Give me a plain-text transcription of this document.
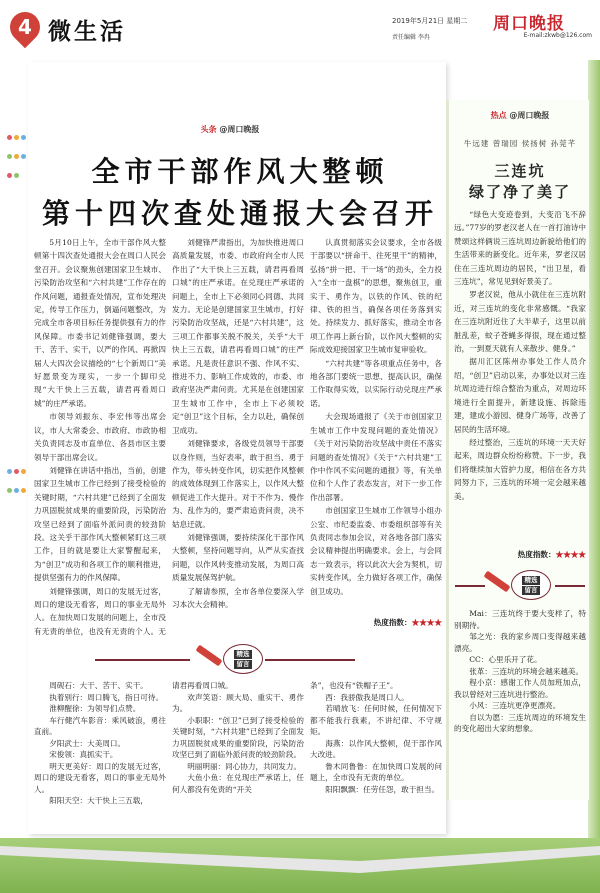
4 微生活	2019年5月21日 星期二	周口晚报
责任编辑 李冉	E-mail:zkwb@126.com
头条 @周口晚报
全市干部作风大整顿
第十四次查处通报大会召开

5月10日上午，全市干部作风大整顿第十四次查处通报大会在周口人民会堂召开。会议聚焦创建国家卫生城市、污染防治攻坚和“六村共建”工作存在的作风问题，通报查处情况，宣布处理决定，传导工作压力，倒逼问题整改，为完成全市各项目标任务提供强有力的作风保障。市委书记刘健锋强调，要大干、苦干、实干，以严的作风、再掀四届人大四次会议描绘的“七个新周口”美好愿景变为现实，一步一个脚印兑现“大干快上三五载，请君再看周口城”的庄严承诺。

市领导刘振东、李宏伟等出席会议，市人大常委会、市政府、市政协相关负责同志及市直单位、各县市区主要领导干部出席会议。

刘健锋在讲话中指出，当前，创建国家卫生城市工作已经到了接受检验的关键时期，“六村共建”已经到了全面发力巩固脱贫成果的重要阶段，污染防治攻坚已经到了面临外派问责的较劲阶段。这关乎干部作风大整顿紧盯这三项工作，目的就是要让大家警醒起来，为“创卫”成功和各项工作的顺利推进，提供坚强有力的作风保障。

刘健锋强调，周口的发展无过客，周口的建设无看客，周口的事业无局外人。在加快周口发展的问题上，全市没有无责的单位，也没有无责的个人。无

刘健锋严肃指出，为加快推进周口高质量发展，市委、市政府向全市人民作出了“大干快上三五载，请君再看周口城”的庄严承诺。在兑现庄严承诺的问题上，全市上下必须同心同德、共同发力。无论是创建国家卫生城市，打好污染防治攻坚战，还是“六村共建”，这三项工作都事关脱不脱关，关乎“大干快上三五载，请君再看周口城”的庄严承诺。凡是责任意识不强、作风不实、推进不力、影响工作成效的，市委、市政府坚决严肃问责。尤其是在创建国家卫生城市工作中，全市上下必须咬定“创卫”这个目标，全力以赴，确保创卫成功。

刘健锋要求，各级党员领导干部要以身作则，当好表率，敢于担当、勇于作为，带头转变作风，切实把作风整顿的成效体现到工作落实上，以作风大整顿促进工作大提升。对于不作为、慢作为、乱作为的，要严肃追责问责，决不姑息迁就。

刘健锋强调，要持续深化干部作风大整顿，坚持问题导向，从严从实查找问题，以作风转变推动发展，为周口高质量发展保驾护航。

了解请参照，全市各单位要深入学习本次大会精神。

认真贯彻落实会议要求，全市各级干部要以“拼命干、往死里干”的精神，弘扬“拼一把、干一场”的劲头，全力投入“全市一盘棋”的思想，聚焦创卫，重实干、勇作为，以铁的作风、铁的纪律、铁的担当，确保各项任务落到实处。持续发力、抓好落实，推动全市各项工作再上新台阶，以作风大整顿的实际成效迎接国家卫生城市复审验收。

“六村共建”等各项重点任务中，各地各部门要统一思想、提高认识，确保工作取得实效，以实际行动兑现庄严承诺。

大会现场通报了《关于市创国家卫生城市工作中发现问题的查处情况》《关于对污染防治攻坚战中责任不落实问题的查处情况》《关于“六村共建”工作中作风不实问题的通报》等，有关单位和个人作了表态发言，对下一步工作作出部署。

市创国家卫生城市工作领导小组办公室、市纪委监委、市委组织部等有关负责同志参加会议，对各地各部门落实会议精神提出明确要求。会上，与会同志一致表示，将以此次大会为契机，切实转变作风，全力做好各项工作，确保创卫成功。

热度指数：★★★★
精选
留言

周砚石：大干、苦干、实干。

执着别行：周口腾飞，指日可待。

淮柳醒徐：为领导们点赞。

车行健汽车影音：乘风破浪，勇往直前。

夕阳武士：大美周口。

宋俊领：真抓实干。

明天更美好：周口的发展无过客，周口的建设无看客，周口的事业无局外人。

阳阳天空：大干快上三五载，

请君再看周口城。

欢声笑语：顾大局、重实干、勇作为。

小职职：“创卫”已到了接受检验的关键时刻，“六村共建”已经到了全面发力巩固脱贫成果的重要阶段，污染防治攻坚已到了面临外派问责的较劲阶段。

明丽明丽：同心协力，共同发力。

大鱼小鱼：在兑现庄严承诺上，任何人都没有免责的“开关

条”，也没有“铁帽子王”。

西：我骄傲我是周口人。

若晴放飞：任何时候，任何情况下都不能我行我素，不讲纪律、不守规矩。

海燕：以作风大整顿，促干部作风大改进。

鲁木同鲁鲁：在加快周口发展的问题上，全市没有无责的单位。

阳阳飘飘：任劳任怨，敢于担当。

热点 @周口晚报
牛远建 曾瑞园 侯扬树 孙莞芊
三连坑
绿了净了美了

“绿色大变迹卷到，大变沿飞不辞远。”77岁的罗老汉老人在一首打油诗中赞颂这样俩说三连坑周边新貌给他们的生活带来的新变化。近年来，罗老汉居住在三连坑周边的居民，“出卫星，看三连坑”，常见见到好景美了。

罗老汉说，他从小就住在三连坑附近，对三连坑的变化非常感慨。“我家在三连坑附近住了大半辈子，这里以前脏乱差，蚊子苍蝇多得很，现在通过整治，一到夏天就有人来散步、健身。”

据川汇区陈州办事处工作人员介绍，“创卫”启动以来，办事处以对三连坑周边进行综合整治为重点，对周边环境进行全面提升，新建设施、拆除违建，建成小游园、健身广场等，改善了居民的生活环境。

经过整治，三连坑的环境一天天好起来，周边群众纷纷称赞。下一步，我们将继续加大管护力度，相信在各方共同努力下，三连坑的环境一定会越来越美。

热度指数：★★★★
精选
留言

Mai：三连坑终于要大变样了，特别期待。

邹之光：我的家乡周口变得越来越漂亮。

CC：心里乐开了花。

张革：三连坑的环境会越来越美。

程小京：感谢工作人员加班加点，我以曾经对三连坑进行整治。

小风：三连坑更净更漂亮。

自以为愿：三连坑周边的环境发生的变化超出大家的想象。
